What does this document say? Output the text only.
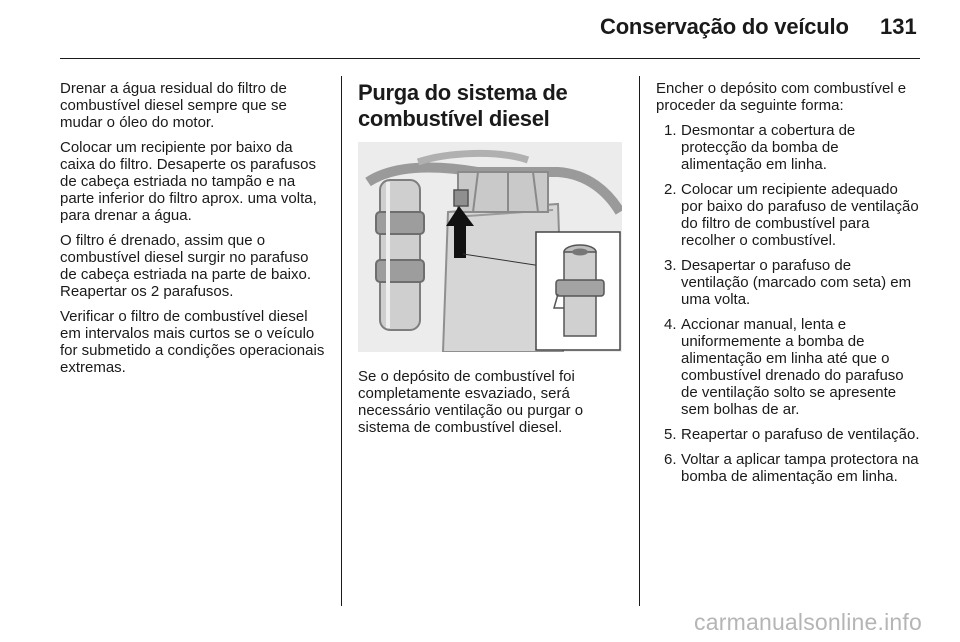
Conservação do veículo 131

Drenar a água residual do filtro de combustível diesel sempre que se mudar o óleo do motor.

Colocar um recipiente por baixo da caixa do filtro. Desaperte os parafusos de cabeça estriada no tampão e na parte inferior do filtro aprox. uma volta, para drenar a água.

O filtro é drenado, assim que o combustível diesel surgir no parafuso de cabeça estriada na parte de baixo. Reapertar os 2 parafusos.

Verificar o filtro de combustível diesel em intervalos mais curtos se o veículo for submetido a condições operacionais extremas.

Purga do sistema de combustível diesel

Se o depósito de combustível foi completamente esvaziado, será necessário ventilação ou purgar o sistema de combustível diesel.

Encher o depósito com combustível e proceder da seguinte forma:

1. Desmontar a cobertura de protecção da bomba de alimentação em linha.
2. Colocar um recipiente adequado por baixo do parafuso de ventilação do filtro de combustível para recolher o combustível.
3. Desapertar o parafuso de ventilação (marcado com seta) em uma volta.
4. Accionar manual, lenta e uniformemente a bomba de alimentação em linha até que o combustível drenado do parafuso de ventilação solto se apresente sem bolhas de ar.
5. Reapertar o parafuso de ventilação.
6. Voltar a aplicar tampa protectora na bomba de alimentação em linha.
carmanualsonline.info
